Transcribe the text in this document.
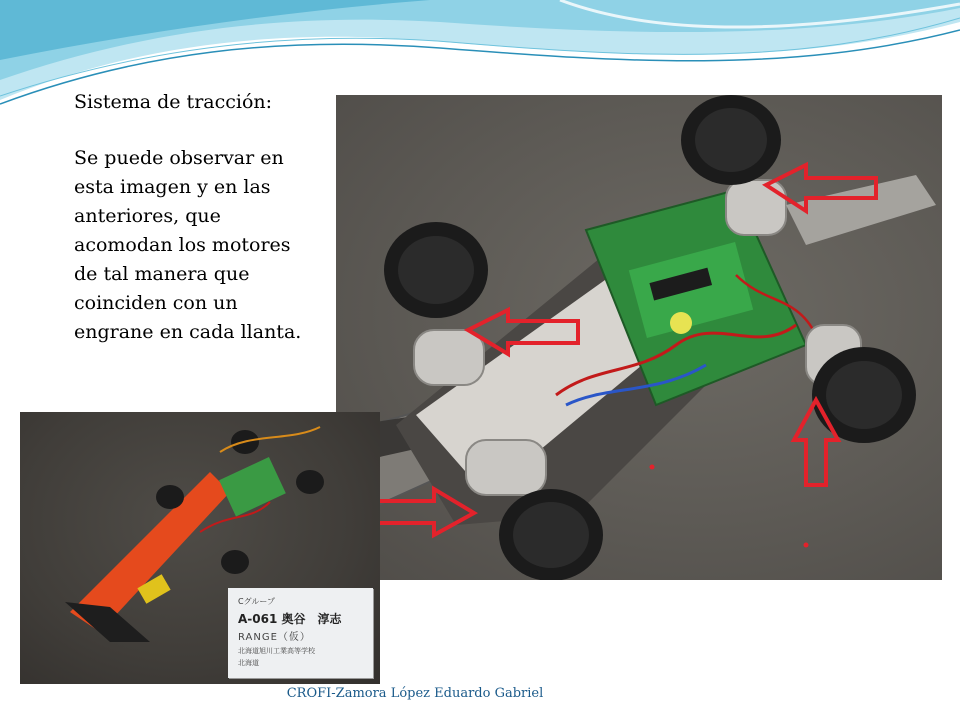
Sistema de tracción:

Se puede observar en esta imagen y en las anteriores, que acomodan los motores de tal manera que coinciden con un engrane en cada llanta.

Cグループ
A-061 奥谷　淳志
RANGE（仮）
北海道旭川工業高等学校
北海道
CROFI-Zamora López Eduardo Gabriel
